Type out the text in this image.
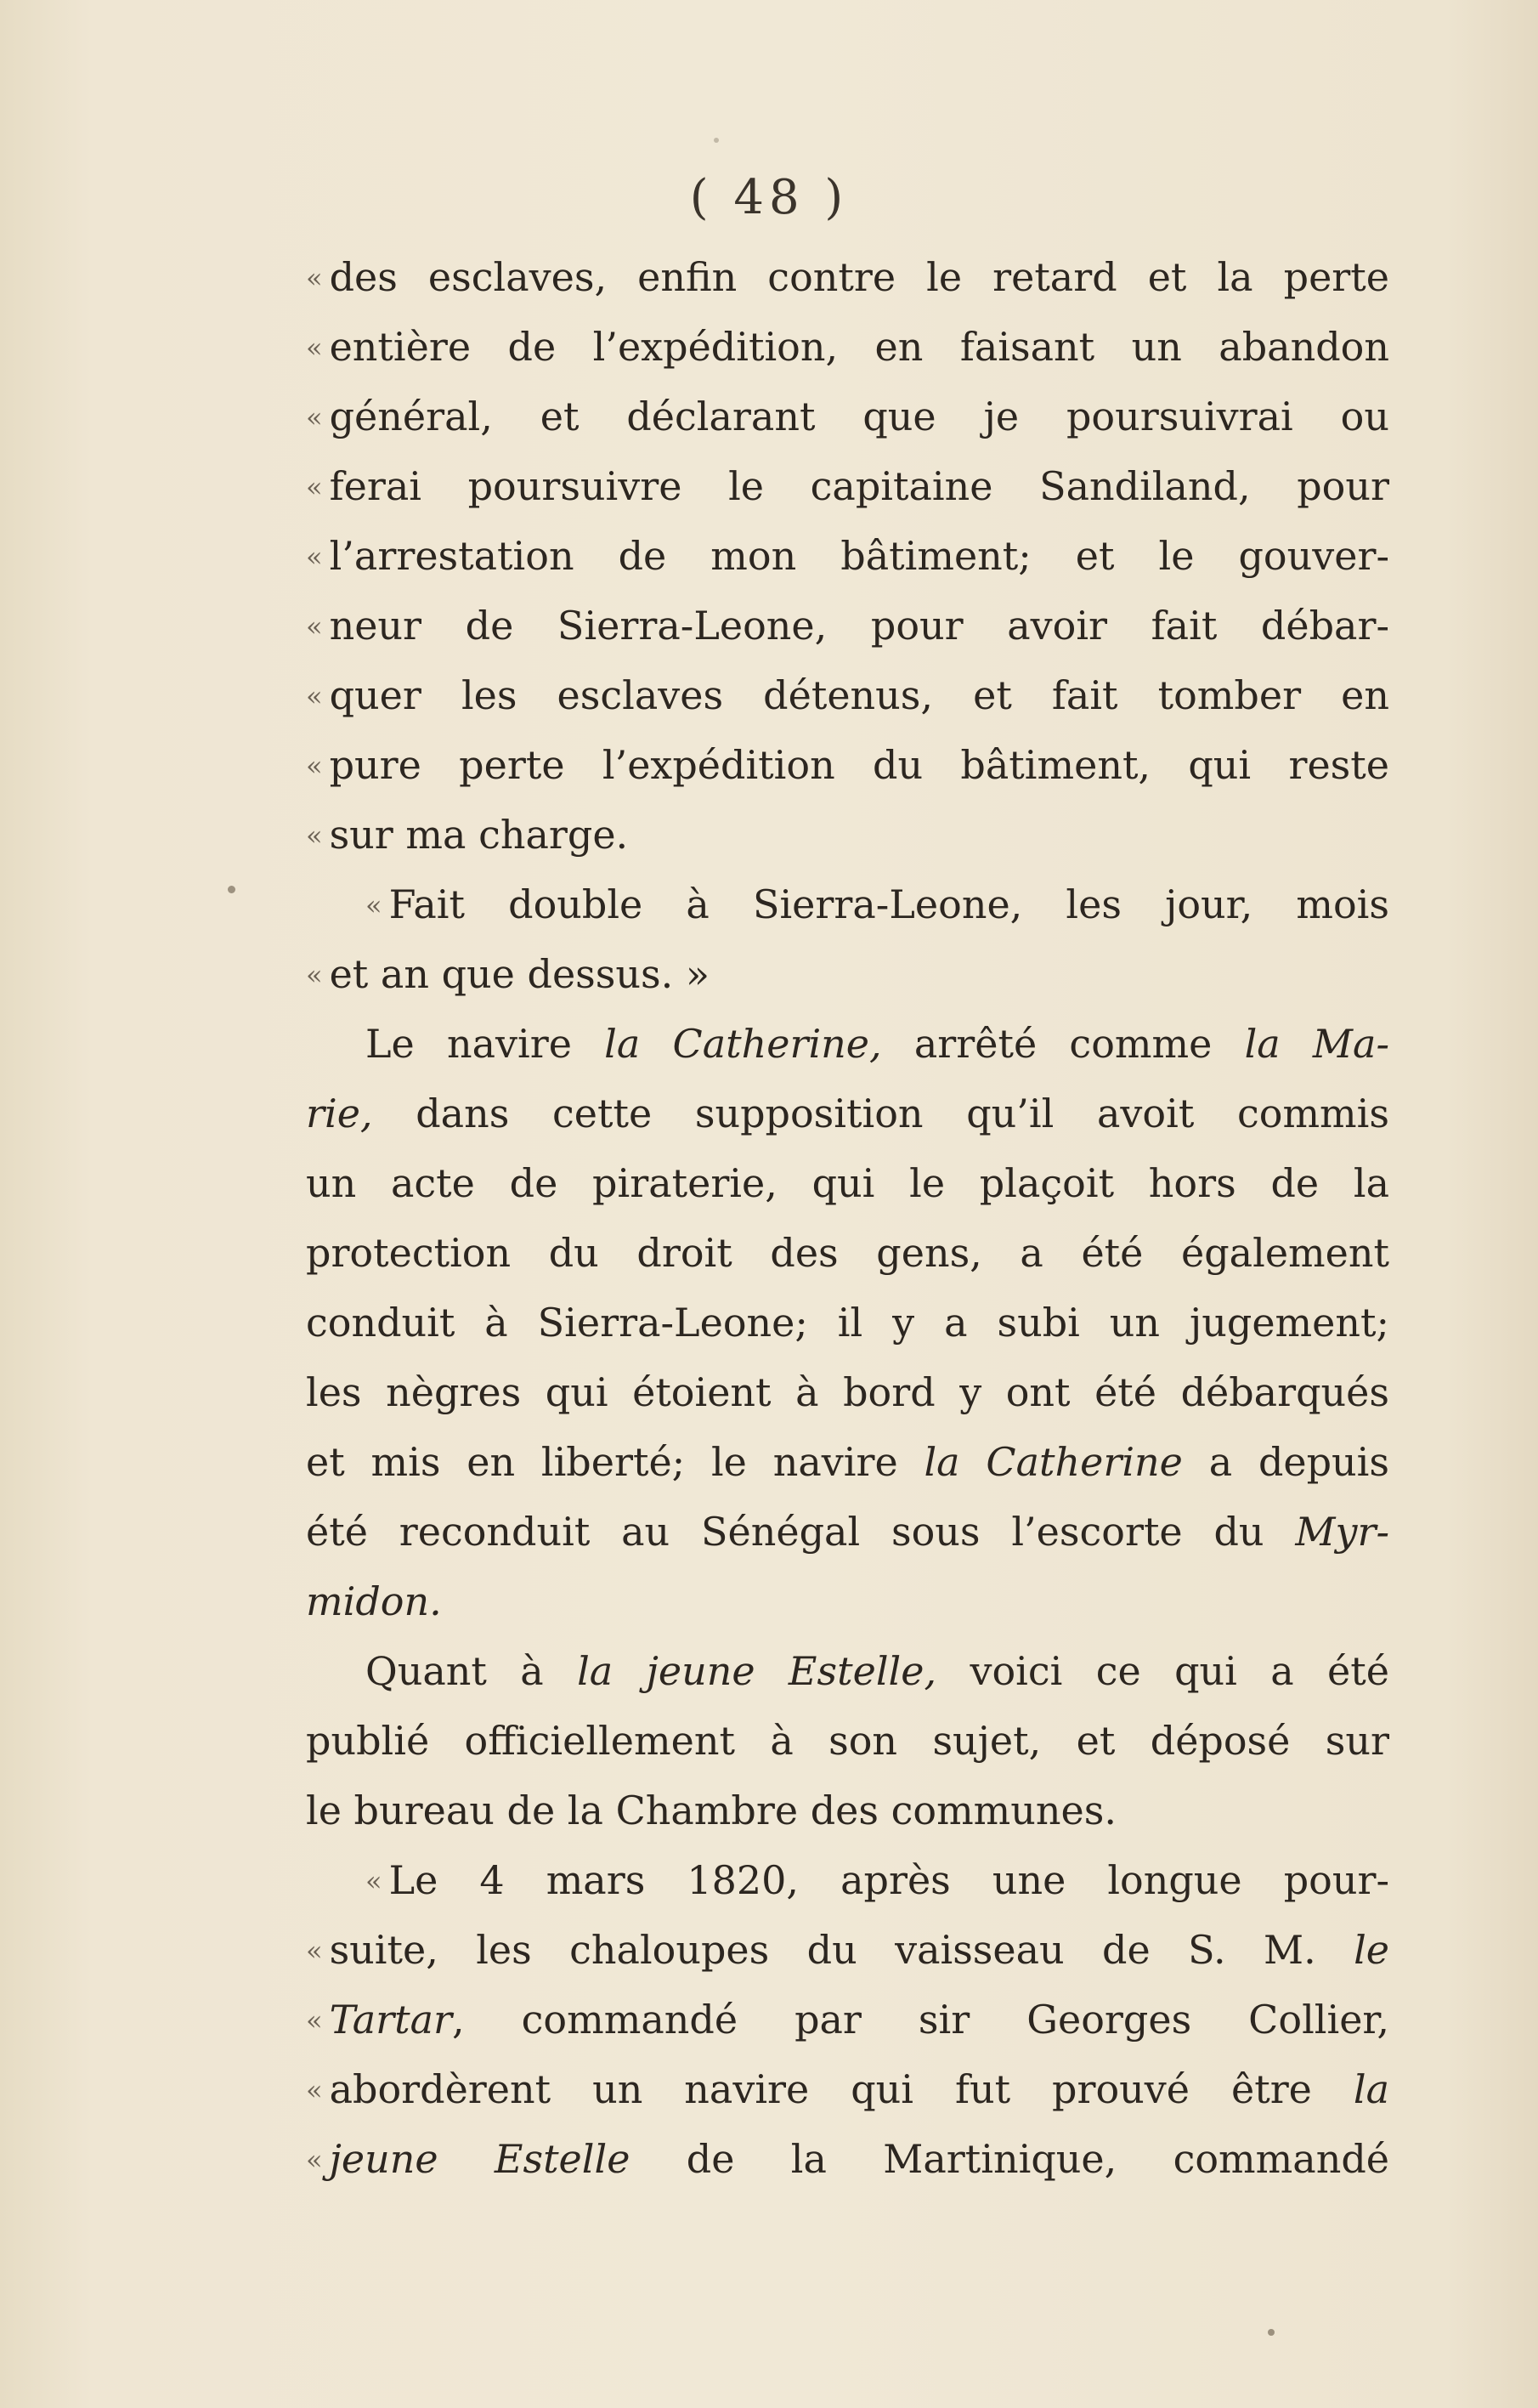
( 48 )
« des esclaves, enfin contre le retard et la perte
« entière de l’expédition, en faisant un abandon
« général, et déclarant que je poursuivrai ou
« ferai poursuivre le capitaine Sandiland, pour
« l’arrestation de mon bâtiment; et le gouver-
« neur de Sierra-Leone, pour avoir fait débar-
« quer les esclaves détenus, et fait tomber en
« pure perte l’expédition du bâtiment, qui reste
« sur ma charge.
« Fait double à Sierra-Leone, les jour, mois
« et an que dessus. »
Le navire la Catherine, arrêté comme la Ma-
rie, dans cette supposition qu’il avoit commis
un acte de piraterie, qui le plaçoit hors de la
protection du droit des gens, a été également
conduit à Sierra-Leone; il y a subi un jugement;
les nègres qui étoient à bord y ont été débarqués
et mis en liberté; le navire la Catherine a depuis
été reconduit au Sénégal sous l’escorte du Myr-
midon.
Quant à la jeune Estelle, voici ce qui a été
publié officiellement à son sujet, et déposé sur
le bureau de la Chambre des communes.
« Le 4 mars 1820, après une longue pour-
« suite, les chaloupes du vaisseau de S. M. le
« Tartar, commandé par sir Georges Collier,
« abordèrent un navire qui fut prouvé être la
« jeune Estelle de la Martinique, commandé
